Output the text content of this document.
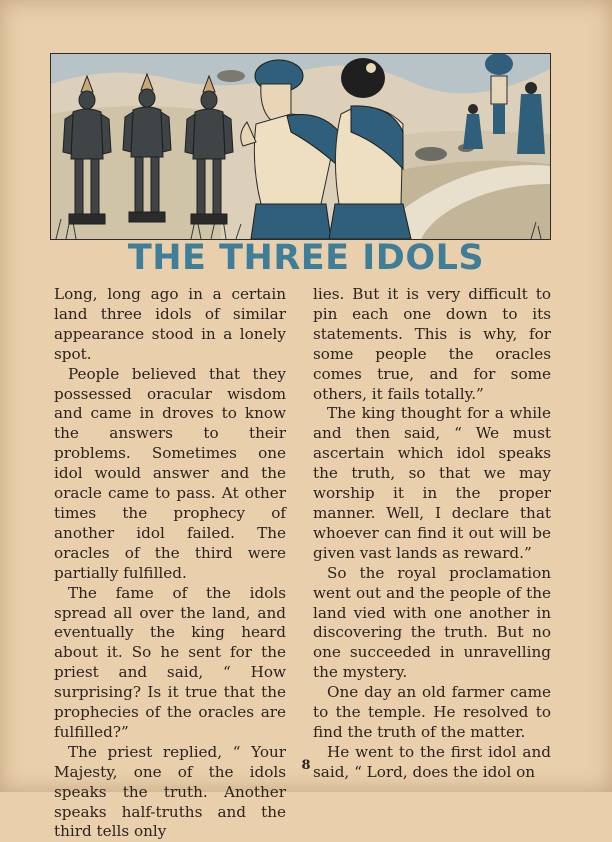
THE THREE IDOLS

Long, long ago in a certain land three idols of similar appearance stood in a lonely spot.

People believed that they possessed oracular wisdom and came in droves to know the answers to their problems. Sometimes one idol would answer and the oracle came to pass. At other times the prophecy of another idol failed. The oracles of the third were partially fulfilled.

The fame of the idols spread all over the land, and eventually the king heard about it. So he sent for the priest and said, “ How surprising? Is it true that the prophecies of the oracles are fulfilled?”

The priest replied, “ Your Majesty, one of the idols speaks the truth. Another speaks half-truths and the third tells only

lies. But it is very difficult to pin each one down to its statements. This is why, for some people the oracles comes true, and for some others, it fails totally.”

The king thought for a while and then said, “ We must ascertain which idol speaks the truth, so that we may worship it in the proper manner. Well, I declare that whoever can find it out will be given vast lands as reward.”

So the royal proclamation went out and the people of the land vied with one another in discovering the truth. But no one succeeded in unravelling the mystery.

One day an old farmer came to the temple. He resolved to find the truth of the matter.

He went to the first idol and said, “ Lord, does the idol on

8
